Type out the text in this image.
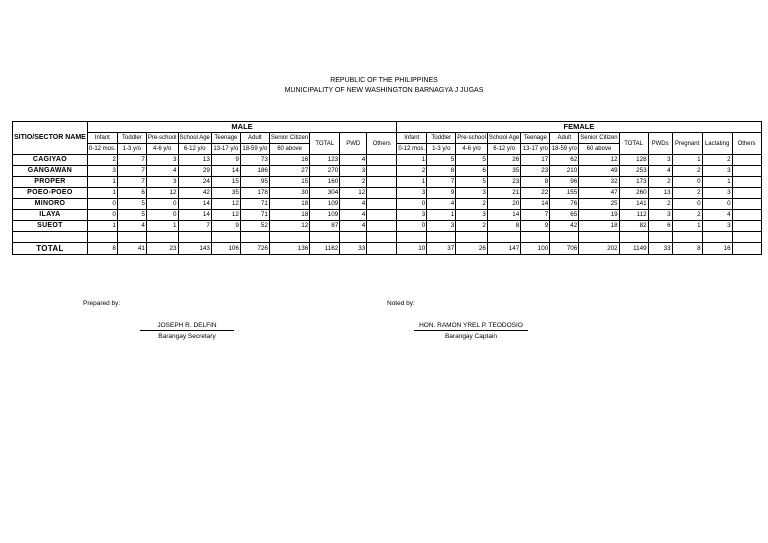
REPUBLIC OF THE PHILIPPINES
MUNICIPALITY OF NEW WASHINGTON BARNAGYA J JUGAS
SITIO/SECTOR NAME	MALE										FEMALE											
	Infant	Toddler	Pre-school	School Age	Teenage	Adult	Senior Citizen	TOTAL	PWD	Others	Infant	Toddler	Pre-school	School Age	Teenage	Adult	Senior Citizen	TOTAL	PWDs	Pregnant	Lactating	Others
	0-12 mos.	1-3 y/o	4-6 y/o	6-12 y/o	13-17 y/o	18-59 y/o	60 above				0-12 mos.	1-3 y/o	4-6 y/o	6-12 y/o	13-17 y/o	18-59 y/o	60 above					
CAGIYAO	2	7	3	13	9	73	16	123	4		1	5	5	26	17	62	12	128	3	1	2	
GANGAWAN	3	7	4	29	14	186	27	270	3		2	8	6	35	23	210	49	253	4	2	3	
PROPER	1	7	3	24	15	95	15	160	2		1	7	5	23	8	96	32	173	2	0	1	
POEO-POEO	1	6	12	42	35	178	30	304	12		3	9	3	21	22	155	47	260	13	2	3	
MINORO	0	5	0	14	12	71	18	109	4		0	4	2	20	14	76	25	141	2	0	0	
ILAYA	0	5	0	14	12	71	18	109	4		3	1	3	14	7	65	19	112	3	2	4	
SUEOT	1	4	1	7	9	52	12	87	4		0	3	2	8	9	42	18	82	6	1	3	

TOTAL	8	41	23	143	106	726	136	1162	33		10	37	26	147	100	706	202	1149	33	8	16	
Prepared by:
JOSEPH R. DELFIN
Barangay Secretary
Noted by:
HON. RAMON YREL P. TEODOSIO
Barangay Captain
